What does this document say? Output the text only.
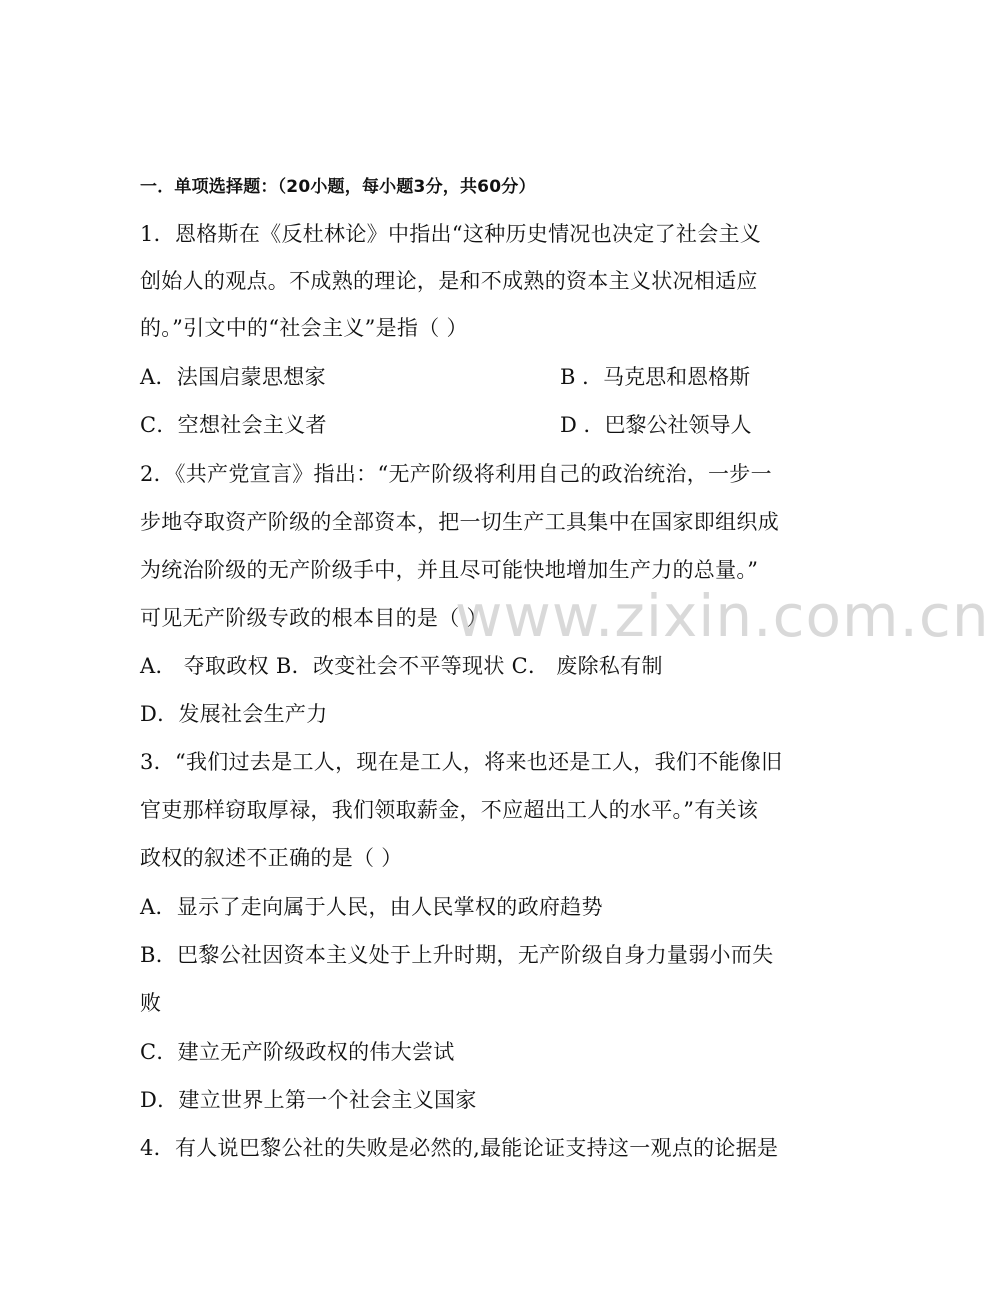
一．单项选择题：（20小题，每小题3分，共60分）
1．恩格斯在《反杜林论》中指出“这种历史情况也决定了社会主义
创始人的观点。不成熟的理论，是和不成熟的资本主义状况相适应
的。”引文中的“社会主义”是指（ ）
A．法国启蒙思想家	B ．马克思和恩格斯
C．空想社会主义者	D ．巴黎公社领导人
2．《共产党宣言》指出：“无产阶级将利用自己的政治统治，一步一
步地夺取资产阶级的全部资本，把一切生产工具集中在国家即组织成
为统治阶级的无产阶级手中，并且尽可能快地增加生产力的总量。”
可见无产阶级专政的根本目的是（ ）
A． 夺取政权 B．改变社会不平等现状 C． 废除私有制
D．发展社会生产力
3．“我们过去是工人，现在是工人，将来也还是工人，我们不能像旧
官吏那样窃取厚禄，我们领取薪金，不应超出工人的水平。”有关该
政权的叙述不正确的是（ ）
A．显示了走向属于人民，由人民掌权的政府趋势
B．巴黎公社因资本主义处于上升时期，无产阶级自身力量弱小而失
败
C．建立无产阶级政权的伟大尝试
D．建立世界上第一个社会主义国家
4．有人说巴黎公社的失败是必然的,最能论证支持这一观点的论据是
www.zixin.com.cn
